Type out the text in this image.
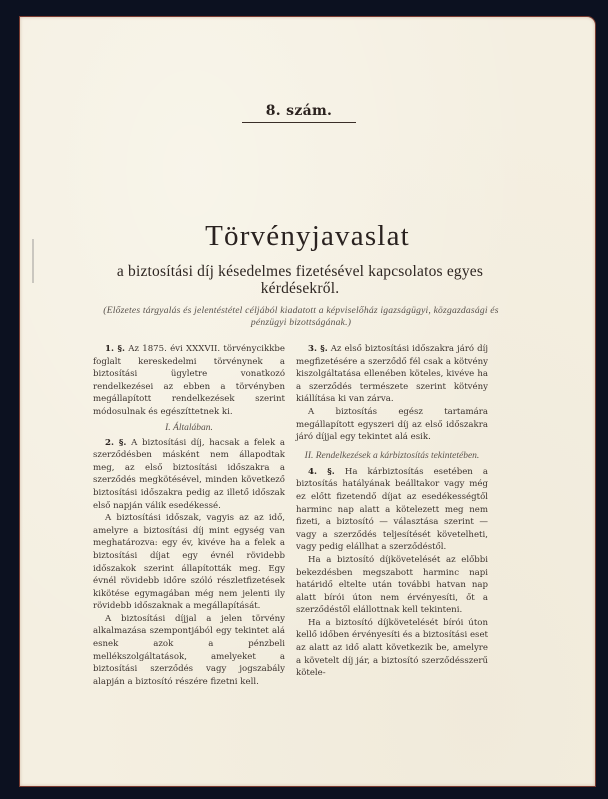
8. szám.
Törvényjavaslat
a biztosítási díj késedelmes fizetésével kapcsolatos egyes kérdésekről.
(Előzetes tárgyalás és jelentéstétel céljából kiadatott a képviselőház igazságügyi, közgazdasági és pénzügyi bizottságának.)

1. §. Az 1875. évi XXXVII. törvénycikkbe foglalt kereskedelmi törvénynek a biztosítási ügyletre vonatkozó rendelkezései az ebben a törvényben megállapított rendelkezések szerint módosulnak és egészíttetnek ki.

I. Általában.

2. §. A biztosítási díj, hacsak a felek a szerződésben másként nem állapodtak meg, az első biztosítási időszakra a szerződés megkötésével, minden következő biztosítási időszakra pedig az illető időszak első napján válik esedékessé.

A biztosítási időszak, vagyis az az idő, amelyre a biztosítási díj mint egység van meghatározva: egy év, kivéve ha a felek a biztosítási díjat egy évnél rövidebb időszakok szerint állapították meg. Egy évnél rövidebb időre szóló részletfizetések kikötése egymagában még nem jelenti ily rövidebb időszaknak a megállapítását.

A biztosítási díjjal a jelen törvény alkalmazása szempontjából egy tekintet alá esnek azok a pénzbeli mellékszolgáltatások, amelyeket a biztosítási szerződés vagy jogszabály alapján a biztosító részére fizetni kell.

3. §. Az első biztosítási időszakra járó díj megfizetésére a szerződő fél csak a kötvény kiszolgáltatása ellenében köteles, kivéve ha a szerződés természete szerint kötvény kiállítása ki van zárva.

A biztosítás egész tartamára megállapított egyszeri díj az első időszakra járó díjjal egy tekintet alá esik.

II. Rendelkezések a kárbiztosítás tekintetében.

4. §. Ha kárbiztosítás esetében a biztosítás hatályának beálltakor vagy még ez előtt fizetendő díjat az esedékességtől harminc nap alatt a kötelezett meg nem fizeti, a biztosító — választása szerint — vagy a szerződés teljesítését követelheti, vagy pedig elállhat a szerződéstől.

Ha a biztosító díjkövetelését az előbbi bekezdésben megszabott harminc napi határidő elteltе után további hatvan nap alatt bírói úton nem érvényesíti, őt a szerződéstől elállottnak kell tekinteni.

Ha a biztosító díjkövetelését bírói úton kellő időben érvényesíti és a biztosítási eset az alatt az idő alatt következik be, amelyre a követelt díj jár, a biztosító szerződésszerű kötele-
